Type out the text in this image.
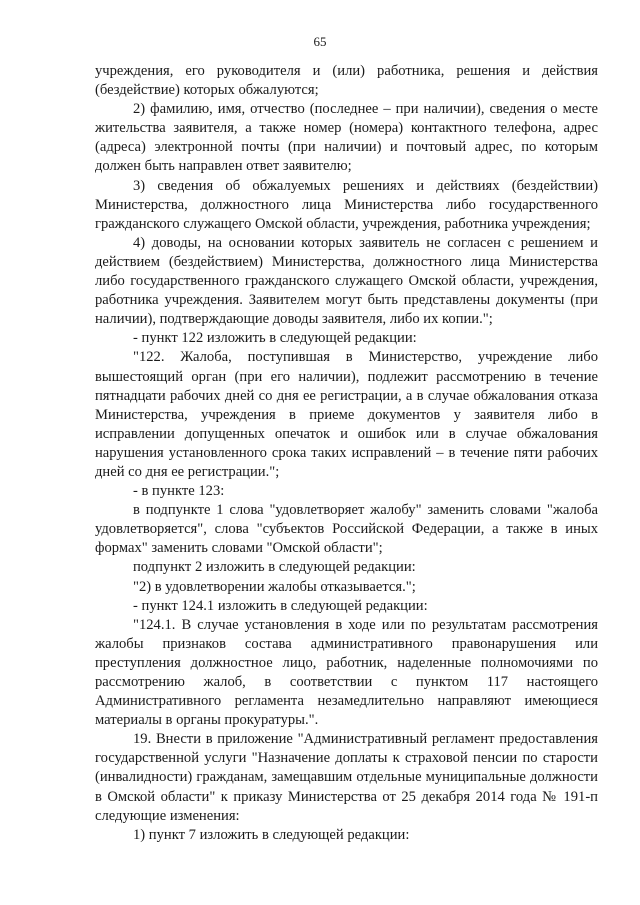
65

учреждения, его руководителя и (или) работника, решения и действия (бездействие) которых обжалуются;

2) фамилию, имя, отчество (последнее – при наличии), сведения о месте жительства заявителя, а также номер (номера) контактного телефона, адрес (адреса) электронной почты (при наличии) и почтовый адрес, по которым должен быть направлен ответ заявителю;

3) сведения об обжалуемых решениях и действиях (бездействии) Министерства, должностного лица Министерства либо государственного гражданского служащего Омской области, учреждения, работника учреждения;

4) доводы, на основании которых заявитель не согласен с решением и действием (бездействием) Министерства, должностного лица Министерства либо государственного гражданского служащего Омской области, учреждения, работника учреждения. Заявителем могут быть представлены документы (при наличии), подтверждающие доводы заявителя, либо их копии.";

- пункт 122 изложить в следующей редакции:

"122. Жалоба, поступившая в Министерство, учреждение либо вышестоящий орган (при его наличии), подлежит рассмотрению в течение пятнадцати рабочих дней со дня ее регистрации, а в случае обжалования отказа Министерства, учреждения в приеме документов у заявителя либо в исправлении допущенных опечаток и ошибок или в случае обжалования нарушения установленного срока таких исправлений – в течение пяти рабочих дней со дня ее регистрации.";

- в пункте 123:

в подпункте 1 слова "удовлетворяет жалобу" заменить словами "жалоба удовлетворяется", слова "субъектов Российской Федерации, а также в иных формах" заменить словами "Омской области";

подпункт 2 изложить в следующей редакции:

"2) в удовлетворении жалобы отказывается.";

- пункт 124.1 изложить в следующей редакции:

"124.1. В случае установления в ходе или по результатам рассмотрения жалобы признаков состава административного правонарушения или преступления должностное лицо, работник, наделенные полномочиями по рассмотрению жалоб, в соответствии с пунктом 117 настоящего Административного регламента незамедлительно направляют имеющиеся материалы в органы прокуратуры.".

19. Внести в приложение "Административный регламент предоставления государственной услуги "Назначение доплаты к страховой пенсии по старости (инвалидности) гражданам, замещавшим отдельные муниципальные должности в Омской области" к приказу Министерства от 25 декабря 2014 года № 191-п следующие изменения:

1) пункт 7 изложить в следующей редакции:
